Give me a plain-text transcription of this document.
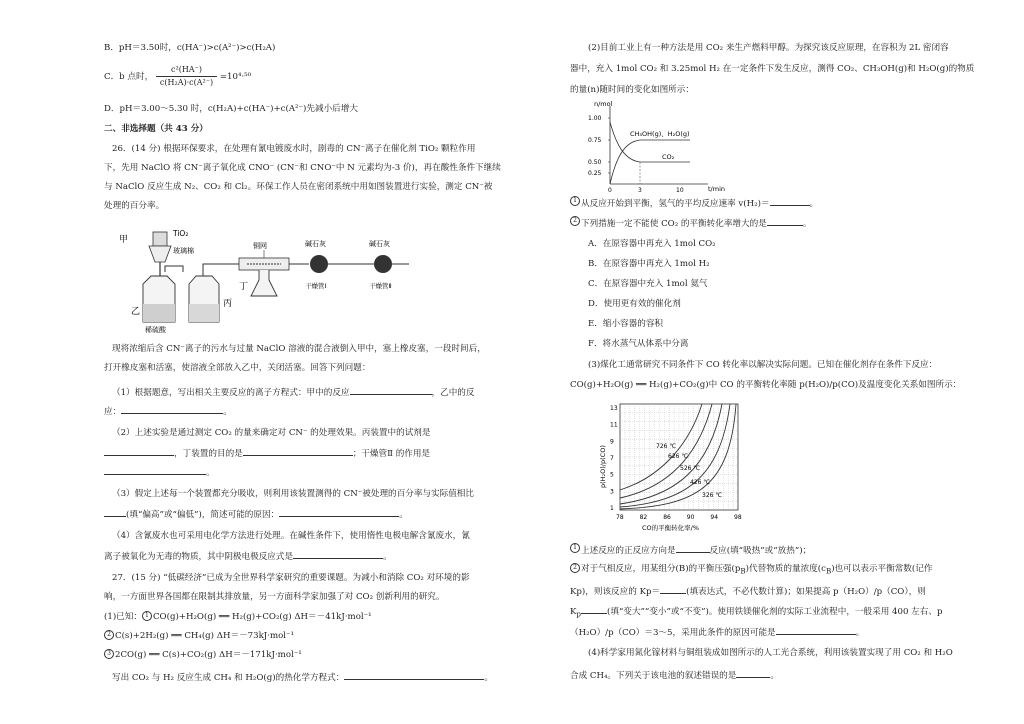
B．pH＝3.50时，c(HA⁻)>c(A²⁻)>c(H₂A)
C．b 点时， $\frac{\text{c²(HA⁻)}}{\text{c(H₂A)·c(A²⁻)}} =10^4\cdot^{50}$
D．pH＝3.00～5.30 时，c(H₂A)+c(HA⁻)+c(A²⁻)先减小后增大
二、非选择题（共 43 分）
26．(14 分) 根据环保要求，在处理有氰电镀废水时，剧毒的 CN⁻离子在催化剂 TiO₂ 颗粒作用
下，先用 NaClO 将 CN⁻离子氧化成 CNO⁻ (CN⁻和 CNO⁻中 N 元素均为-3 价)，再在酸性条件下继续
与 NaClO 反应生成 N₂、CO₂ 和 Cl₂。环保工作人员在密闭系统中用如图装置进行实验，测定 CN⁻被
处理的百分率。
甲
TiO₂
玻璃棉
乙
稀硫酸
丙
铜网
丁
碱石灰	碱石灰
干燥管Ⅰ	干燥管Ⅱ
现将浓缩后含 CN⁻离子的污水与过量 NaClO 溶液的混合液倒入甲中，塞上橡皮塞，一段时间后，
打开橡皮塞和活塞，使溶液全部放入乙中，关闭活塞。回答下列问题：
（1）根据题意，写出相关主要反应的离子方程式：甲中的反应	，乙中的反
应：	。
（2）上述实验是通过测定 CO₂ 的量来确定对 CN⁻ 的处理效果。丙装置中的试剂是
，丁装置的目的是	；干燥管Ⅱ 的作用是
。
（3）假定上述每一个装置都充分吸收，则利用该装置测得的 CN⁻被处理的百分率与实际值相比
(填“偏高”或“偏低”)，简述可能的原因：	。
（4）含氰废水也可采用电化学方法进行处理。在碱性条件下，使用惰性电极电解含氰废水，氰
离子被氧化为无毒的物质，其中阴极电极反应式是	。
27．(15 分) “低碳经济”已成为全世界科学家研究的重要课题。为减小和消除 CO₂ 对环境的影
响，一方面世界各国都在限制其排放量，另一方面科学家加强了对 CO₂ 创新利用的研究。
(1)已知： 1 CO(g)+H₂O(g) ══ H₂(g)+CO₂(g) ΔH＝－41kJ·mol⁻¹
2 C(s)+2H₂(g) ══ CH₄(g) ΔH＝－73kJ·mol⁻¹
3 2CO(g) ══ C(s)+CO₂(g) ΔH＝－171kJ·mol⁻¹
写出 CO₂ 与 H₂ 反应生成 CH₄ 和 H₂O(g)的热化学方程式：	。
(2)目前工业上有一种方法是用 CO₂ 来生产燃料甲醇。为探究该反应原理，在容积为 2L 密闭容
器中，充入 1mol CO₂ 和 3.25mol H₂ 在一定条件下发生反应，测得 CO₂、CH₃OH(g)和 H₂O(g)的物质
的量(n)随时间的变化如图所示：
n/mol
t/min
1.00
0.75
0.50
0.25
0	3	10
CH₃OH(g)、H₂O(g)
CO₂
1 从反应开始到平衡，氢气的平均反应速率 v(H₂)＝	。
2 下列措施一定不能使 CO₂ 的平衡转化率增大的是	。
A．在原容器中再充入 1mol CO₂
B．在原容器中再充入 1mol H₂
C．在原容器中充入 1mol 氦气
D．使用更有效的催化剂
E．缩小容器的容积
F．将水蒸气从体系中分离
(3)煤化工通常研究不同条件下 CO 转化率以解决实际问题。已知在催化剂存在条件下反应：
CO(g)+H₂O(g) ══ H₂(g)+CO₂(g)中 CO 的平衡转化率随 p(H₂O)/p(CO)及温度变化关系如图所示：
13
11
9
7
5
3
1
78	82	86	90	94	98
p(H₂O)/p(CO)
CO的平衡转化率/%
726 ℃
626 ℃
526 ℃
426 ℃
326 ℃
1 上述反应的正反应方向是	反应(填“吸热”或“放热”)；
2 对于气相反应，用某组分(B)的平衡压强$(p_B)$代替物质的量浓度$(c_B)$也可以表示平衡常数(记作
Kp)，则该反应的 Kp＝	(填表达式，不必代数计算)；如果提高 p（H₂O）/p（CO），则
$K_p$	(填“变大”“变小”或“不变”)。使用铁镁催化剂的实际工业流程中，一般采用 400 左右、p
（H₂O）/p（CO）＝3～5，采用此条件的原因可能是	。
(4)科学家用氮化镓材料与铜组装成如图所示的人工光合系统，利用该装置实现了用 CO₂ 和 H₂O
合成 CH₄。下列关于该电池的叙述错误的是	。
